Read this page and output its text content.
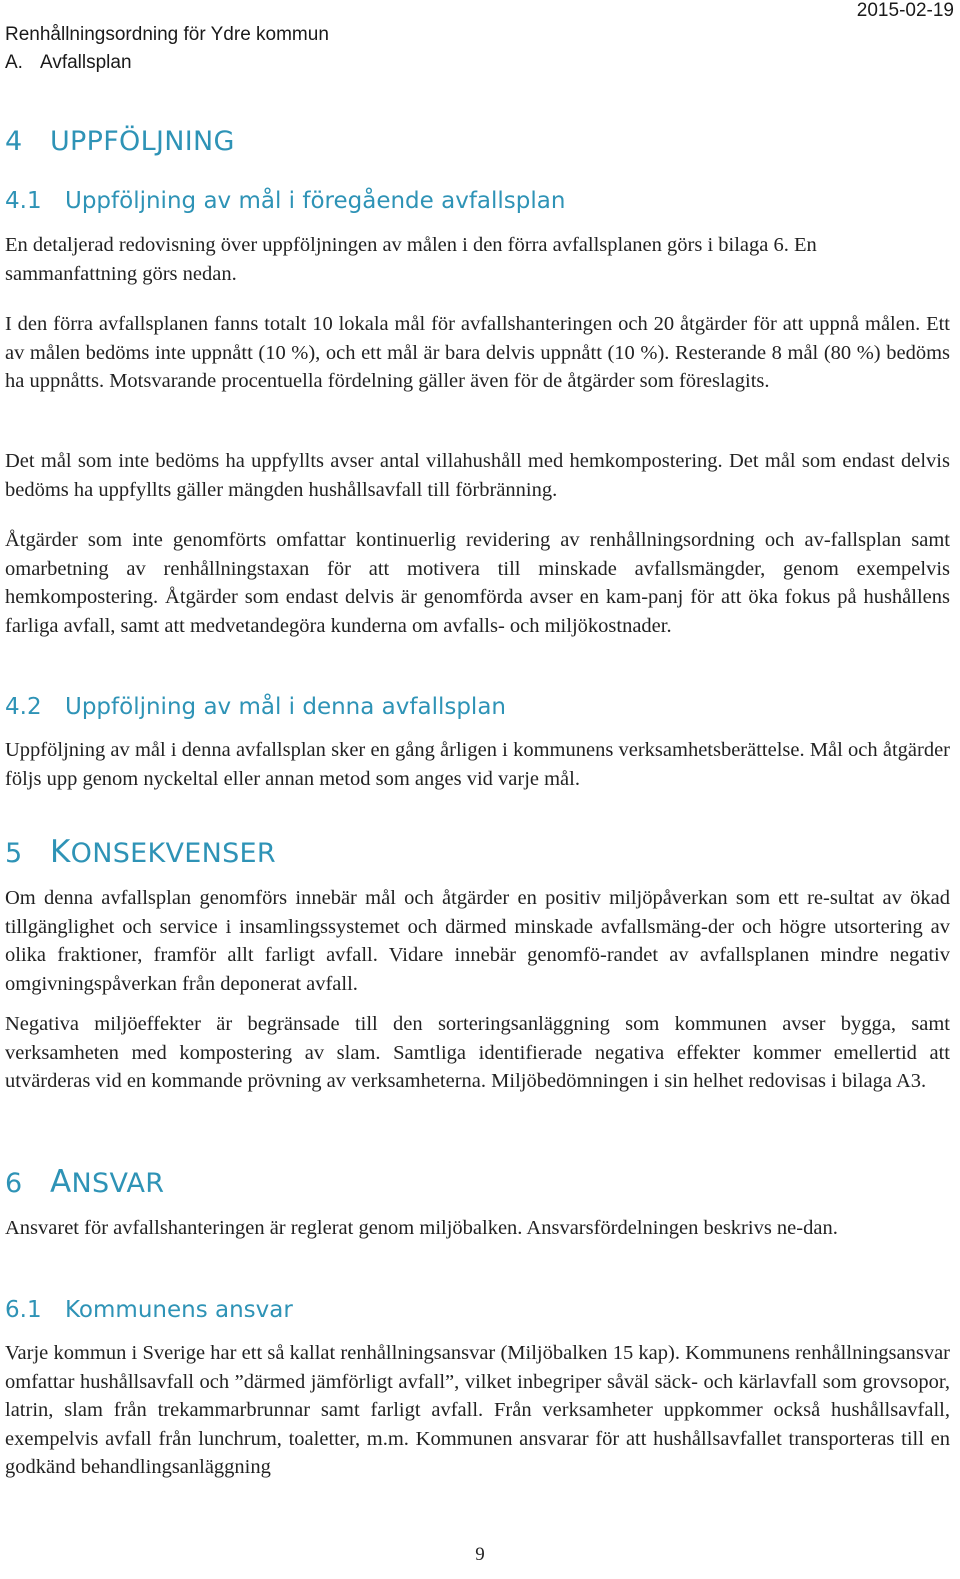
Renhållningsordning för Ydre kommun
A. Avfallsplan
2015-02-19
4 UPPFÖLJNING
4.1 Uppföljning av mål i föregående avfallsplan

En detaljerad redovisning över uppföljningen av målen i den förra avfallsplanen görs i bilaga 6. En sammanfattning görs nedan.

I den förra avfallsplanen fanns totalt 10 lokala mål för avfallshanteringen och 20 åtgärder för att uppnå målen. Ett av målen bedöms inte uppnått (10 %), och ett mål är bara delvis uppnått (10 %). Resterande 8 mål (80 %) bedöms ha uppnåtts. Motsvarande procentuella fördelning gäller även för de åtgärder som föreslagits.

Det mål som inte bedöms ha uppfyllts avser antal villahushåll med hemkompostering. Det mål som endast delvis bedöms ha uppfyllts gäller mängden hushållsavfall till förbränning.

Åtgärder som inte genomförts omfattar kontinuerlig revidering av renhållningsordning och av-fallsplan samt omarbetning av renhållningstaxan för att motivera till minskade avfallsmängder, genom exempelvis hemkompostering. Åtgärder som endast delvis är genomförda avser en kam-panj för att öka fokus på hushållens farliga avfall, samt att medvetandegöra kunderna om avfalls- och miljökostnader.

4.2 Uppföljning av mål i denna avfallsplan

Uppföljning av mål i denna avfallsplan sker en gång årligen i kommunens verksamhetsberättelse. Mål och åtgärder följs upp genom nyckeltal eller annan metod som anges vid varje mål.

5 KONSEKVENSER

Om denna avfallsplan genomförs innebär mål och åtgärder en positiv miljöpåverkan som ett re-sultat av ökad tillgänglighet och service i insamlingssystemet och därmed minskade avfallsmäng-der och högre utsortering av olika fraktioner, framför allt farligt avfall. Vidare innebär genomfö-randet av avfallsplanen mindre negativ omgivningspåverkan från deponerat avfall.

Negativa miljöeffekter är begränsade till den sorteringsanläggning som kommunen avser bygga, samt verksamheten med kompostering av slam. Samtliga identifierade negativa effekter kommer emellertid att utvärderas vid en kommande prövning av verksamheterna. Miljöbedömningen i sin helhet redovisas i bilaga A3.

6 ANSVAR

Ansvaret för avfallshanteringen är reglerat genom miljöbalken. Ansvarsfördelningen beskrivs ne-dan.

6.1 Kommunens ansvar

Varje kommun i Sverige har ett så kallat renhållningsansvar (Miljöbalken 15 kap). Kommunens renhållningsansvar omfattar hushållsavfall och ”därmed jämförligt avfall”, vilket inbegriper såväl säck- och kärlavfall som grovsopor, latrin, slam från trekammarbrunnar samt farligt avfall. Från verksamheter uppkommer också hushållsavfall, exempelvis avfall från lunchrum, toaletter, m.m. Kommunen ansvarar för att hushållsavfallet transporteras till en godkänd behandlingsanläggning

9
